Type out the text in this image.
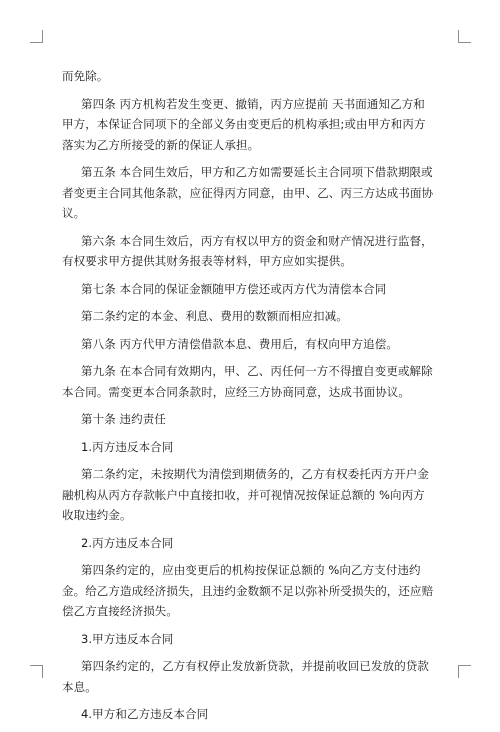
而免除。

第四条 丙方机构若发生变更、撤销，丙方应提前 天书面通知乙方和甲方，本保证合同项下的全部义务由变更后的机构承担;或由甲方和丙方落实为乙方所接受的新的保证人承担。

第五条 本合同生效后，甲方和乙方如需要延长主合同项下借款期限或者变更主合同其他条款，应征得丙方同意，由甲、乙、丙三方达成书面协议。

第六条 本合同生效后，丙方有权以甲方的资金和财产情况进行监督，有权要求甲方提供其财务报表等材料，甲方应如实提供。

第七条 本合同的保证金额随甲方偿还或丙方代为清偿本合同

第二条约定的本金、利息、费用的数额而相应扣减。

第八条 丙方代甲方清偿借款本息、费用后，有权向甲方追偿。

第九条 在本合同有效期内，甲、乙、丙任何一方不得擅自变更或解除本合同。需变更本合同条款时，应经三方协商同意，达成书面协议。

第十条 违约责任

1.丙方违反本合同

第二条约定，未按期代为清偿到期债务的，乙方有权委托丙方开户金融机构从丙方存款帐户中直接扣收，并可视情况按保证总额的 %向丙方收取违约金。

2.丙方违反本合同

第四条约定的，应由变更后的机构按保证总额的 %向乙方支付违约金。给乙方造成经济损失，且违约金数额不足以弥补所受损失的，还应赔偿乙方直接经济损失。

3.甲方违反本合同

第四条约定的，乙方有权停止发放新贷款，并提前收回已发放的贷款本息。

4.甲方和乙方违反本合同
